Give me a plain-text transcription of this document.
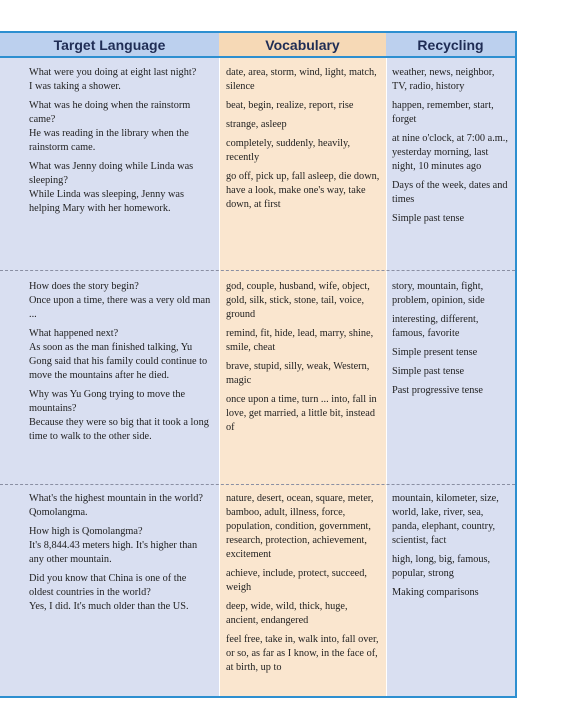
Target Language	Vocabulary	Recycling

What were you doing at eight last night?

I was taking a shower.

What was he doing when the rainstorm came?

He was reading in the library when the rainstorm came.

What was Jenny doing while Linda was sleeping?

While Linda was sleeping, Jenny was helping Mary with her homework.

date, area, storm, wind, light, match, silence

beat, begin, realize, report, rise

strange, asleep

completely, suddenly, heavily, recently

go off, pick up, fall asleep, die down, have a look, make one's way, take down, at first

weather, news, neighbor, TV, radio, history

happen, remember, start, forget

at nine o'clock, at 7:00 a.m., yesterday morning, last night, 10 minutes ago

Days of the week, dates and times

Simple past tense

How does the story begin?

Once upon a time, there was a very old man ...

What happened next?

As soon as the man finished talking, Yu Gong said that his family could continue to move the mountains after he died.

Why was Yu Gong trying to move the mountains?

Because they were so big that it took a long time to walk to the other side.

god, couple, husband, wife, object, gold, silk, stick, stone, tail, voice, ground

remind, fit, hide, lead, marry, shine, smile, cheat

brave, stupid, silly, weak, Western, magic

once upon a time, turn ... into, fall in love, get married, a little bit, instead of

story, mountain, fight, problem, opinion, side

interesting, different, famous, favorite

Simple present tense

Simple past tense

Past progressive tense

What's the highest mountain in the world?

Qomolangma.

How high is Qomolangma?

It's 8,844.43 meters high. It's higher than any other mountain.

Did you know that China is one of the oldest countries in the world?

Yes, I did. It's much older than the US.

nature, desert, ocean, square, meter, bamboo, adult, illness, force, population, condition, government, research, protection, achievement, excitement

achieve, include, protect, succeed, weigh

deep, wide, wild, thick, huge, ancient, endangered

feel free, take in, walk into, fall over, or so, as far as I know, in the face of, at birth, up to

mountain, kilometer, size, world, lake, river, sea, panda, elephant, country, scientist, fact

high, long, big, famous, popular, strong

Making comparisons
